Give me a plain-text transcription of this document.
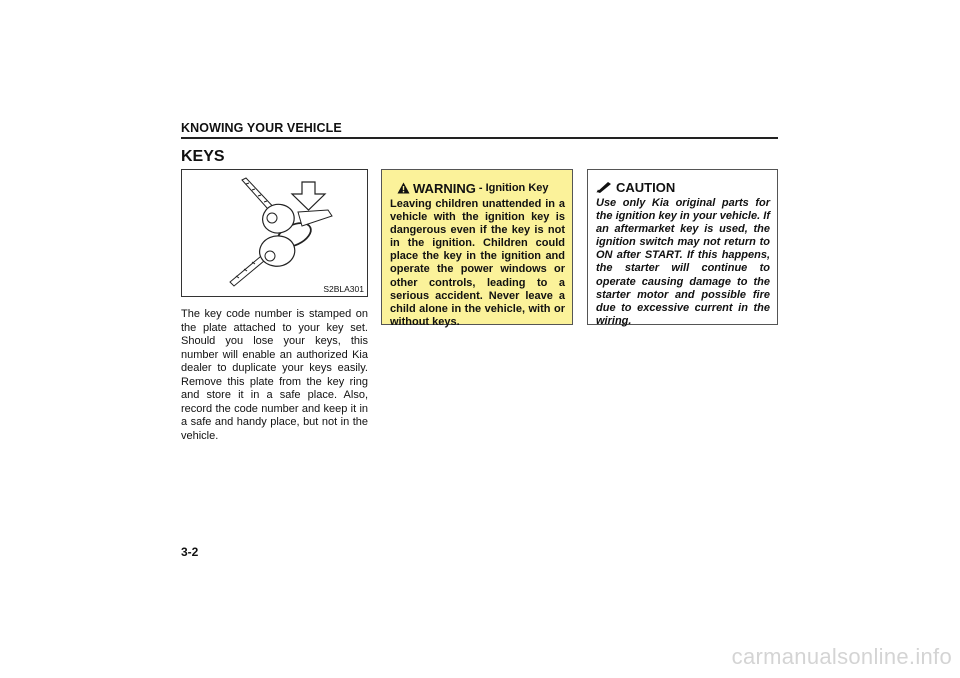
KNOWING YOUR VEHICLE
KEYS
S2BLA301
The key code number is stamped on the plate attached to your key set. Should you lose your keys, this number will enable an authorized Kia dealer to duplicate your keys easily. Remove this plate from the key ring and store it in a safe place. Also, record the code number and keep it in a safe and handy place, but not in the vehicle.
WARNING - Ignition Key
Leaving children unattended in a vehicle with the ignition key is dangerous even if the key is not in the ignition. Children could place the key in the ignition and operate the power windows or other controls, leading to a serious accident. Never leave a child alone in the vehicle, with or without keys.
CAUTION
Use only Kia original parts for the ignition key in your vehicle. If an aftermarket key is used, the ignition switch may not return to ON after START. If this happens, the starter will continue to operate causing damage to the starter motor and possible fire due to excessive current in the wiring.
3-2
carmanualsonline.info
